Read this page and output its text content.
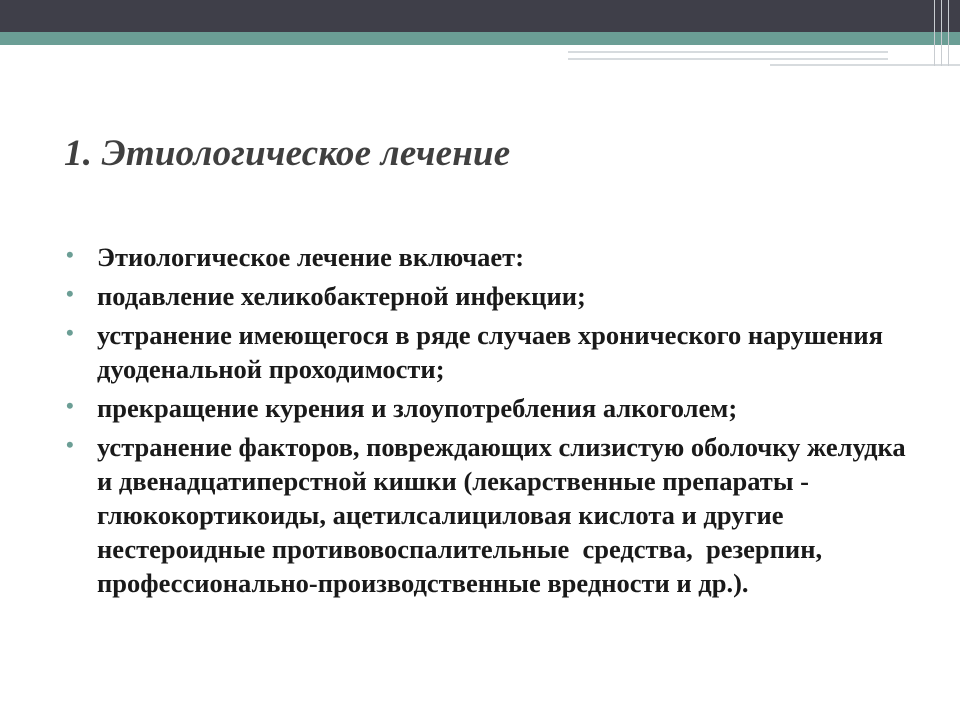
1. Этиологическое лечение
• Этиологическое лечение включает:
• подавление хеликобактерной инфекции;
• устранение имеющегося в ряде случаев хронического нарушения дуоденальной проходимости;
• прекращение курения и злоупотребления алкоголем;
• устранение факторов, повреждающих слизистую оболочку желудка и двенадцатиперстной кишки (лекарственные препараты - глюкокортикоиды, ацетилсалициловая кислота и другие нестероидные противовоспалительные  средства,  резерпин, профессионально-производственные вредности и др.).
